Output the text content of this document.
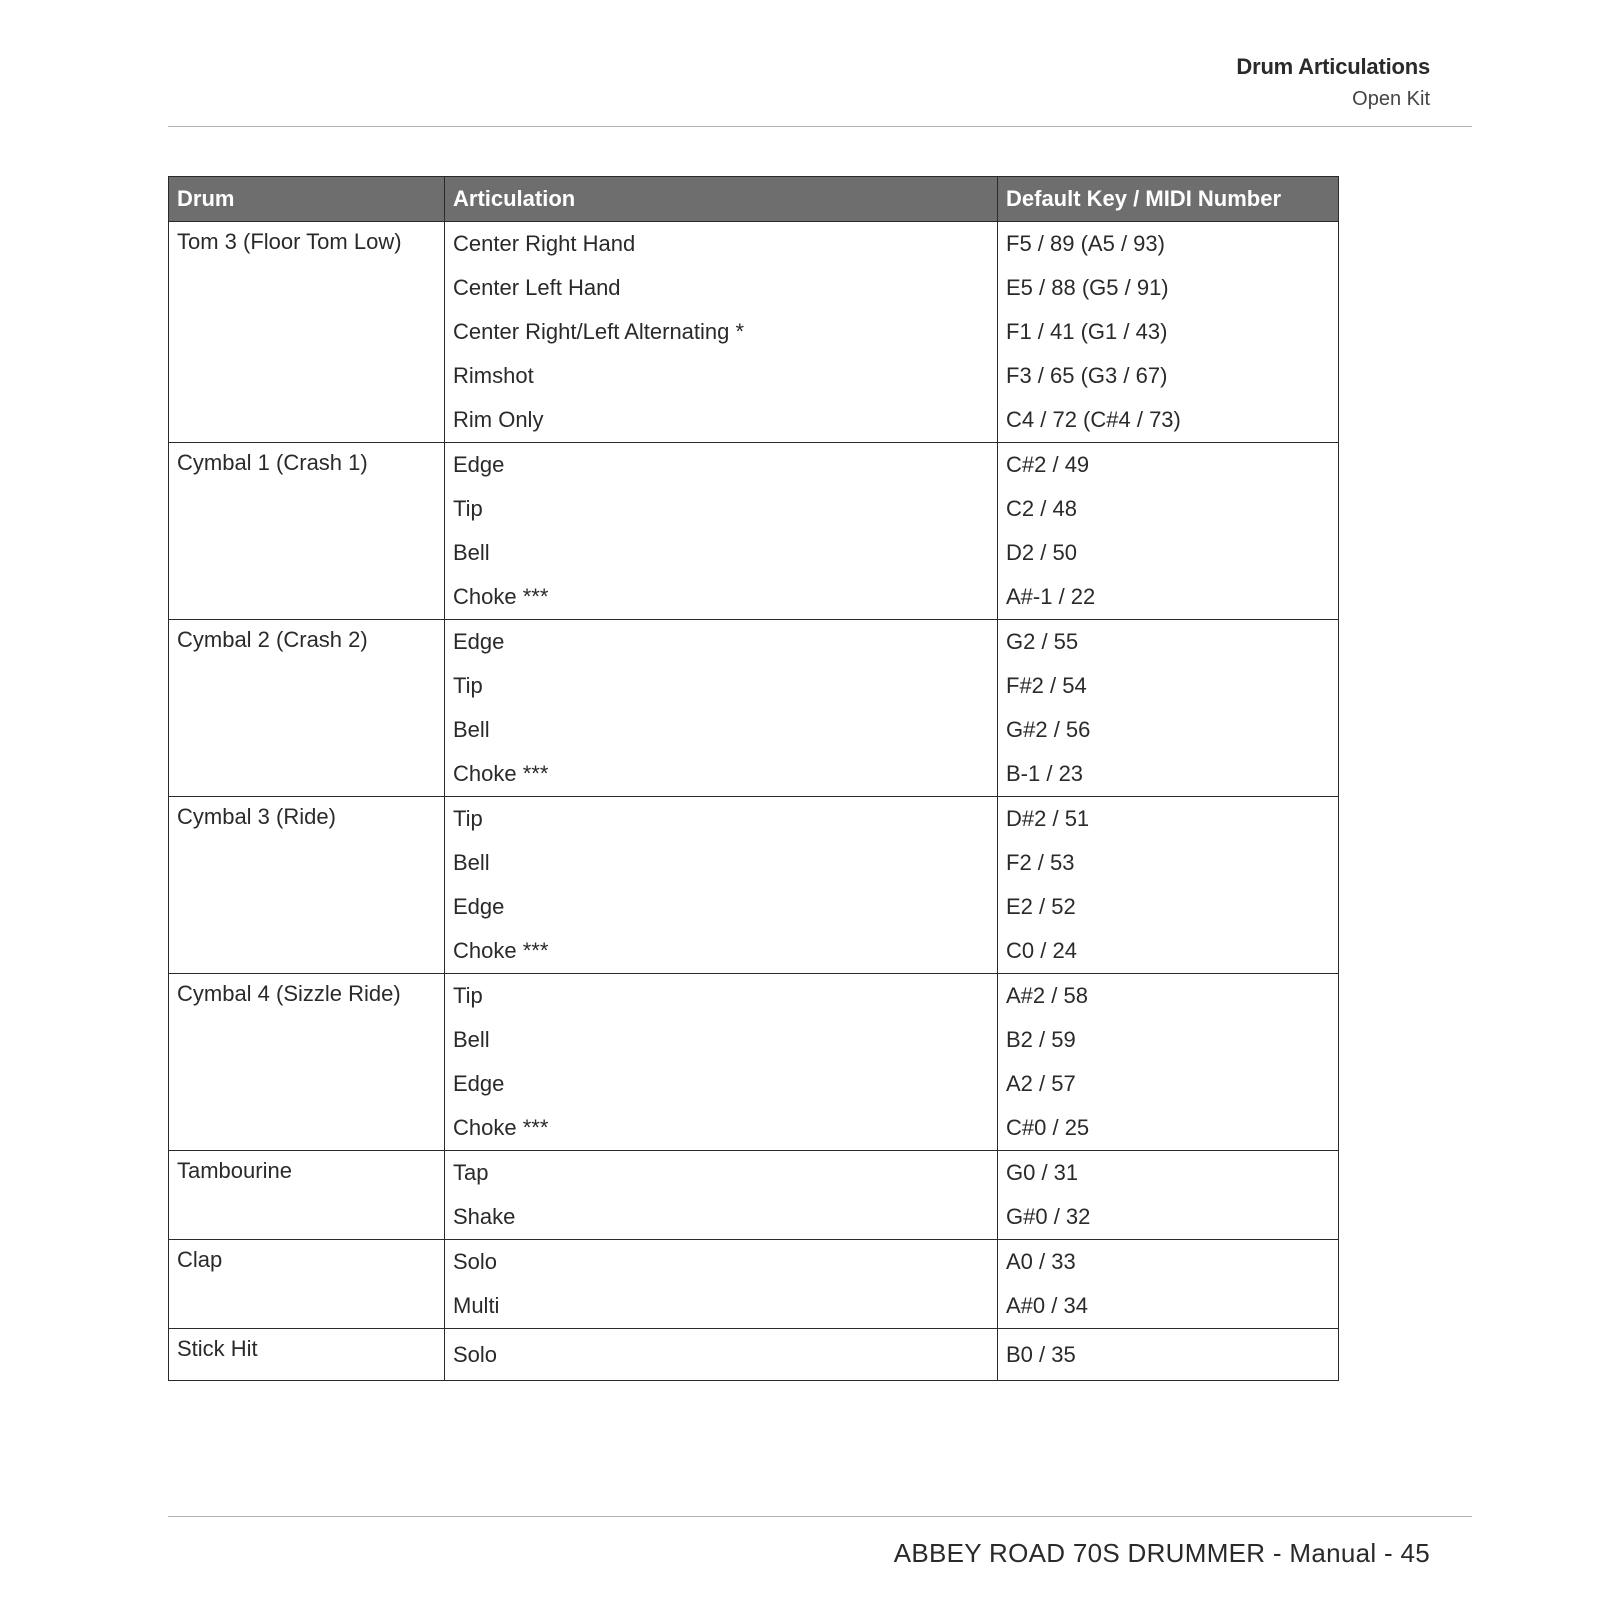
Drum Articulations
Open Kit
Drum	Articulation	Default Key / MIDI Number
Tom 3 (Floor Tom Low)	Center Right Hand	F5 / 89 (A5 / 93)
	Center Left Hand	E5 / 88 (G5 / 91)
	Center Right/Left Alternating *	F1 / 41 (G1 / 43)
	Rimshot	F3 / 65 (G3 / 67)
	Rim Only	C4 / 72 (C#4 / 73)
Cymbal 1 (Crash 1)	Edge	C#2 / 49
	Tip	C2 / 48
	Bell	D2 / 50
	Choke ***	A#-1 / 22
Cymbal 2 (Crash 2)	Edge	G2 / 55
	Tip	F#2 / 54
	Bell	G#2 / 56
	Choke ***	B-1 / 23
Cymbal 3 (Ride)	Tip	D#2 / 51
	Bell	F2 / 53
	Edge	E2 / 52
	Choke ***	C0 / 24
Cymbal 4 (Sizzle Ride)	Tip	A#2 / 58
	Bell	B2 / 59
	Edge	A2 / 57
	Choke ***	C#0 / 25
Tambourine	Tap	G0 / 31
	Shake	G#0 / 32
Clap	Solo	A0 / 33
	Multi	A#0 / 34
Stick Hit	Solo	B0 / 35
ABBEY ROAD 70S DRUMMER - Manual - 45
